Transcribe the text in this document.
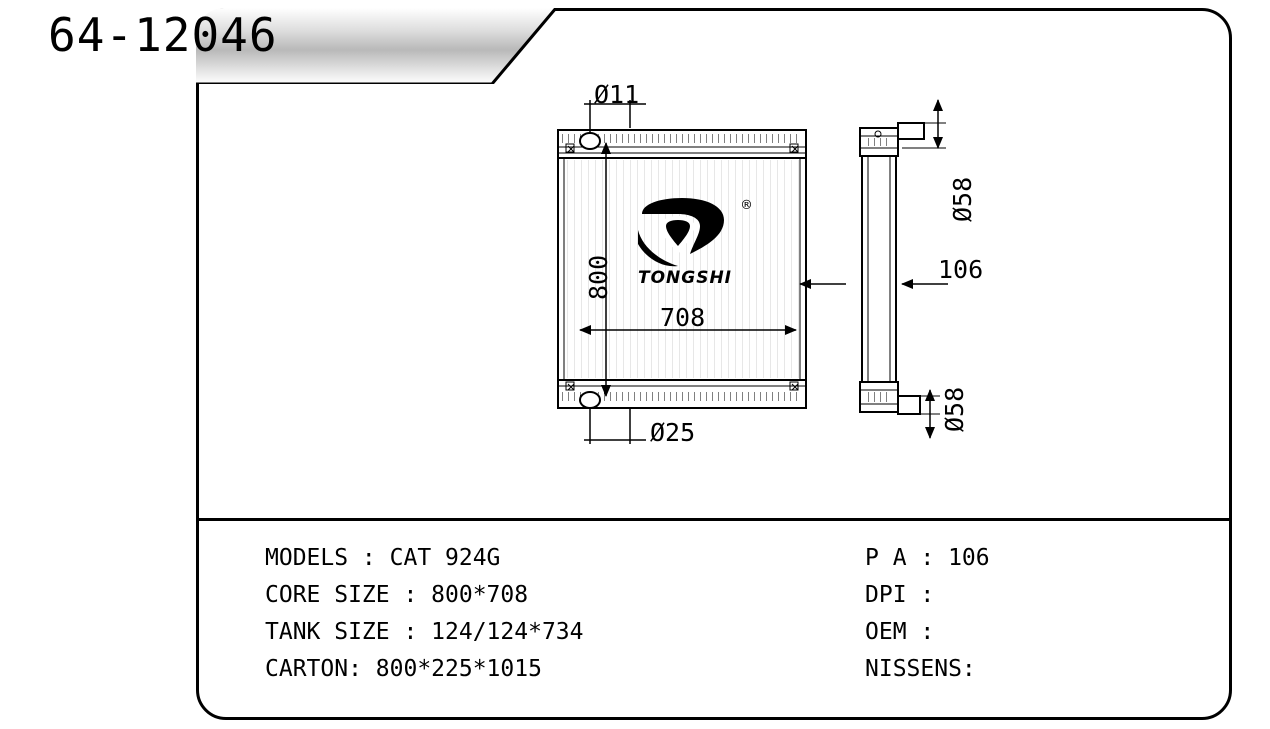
Ø11
Ø25
800
708
106
Ø58
Ø58
TONGSHI
®
MODELS : CAT 924G
CORE SIZE : 800*708
TANK SIZE : 124/124*734
CARTON: 800*225*1015
P A : 106
DPI :
OEM :
NISSENS:
64-12046
